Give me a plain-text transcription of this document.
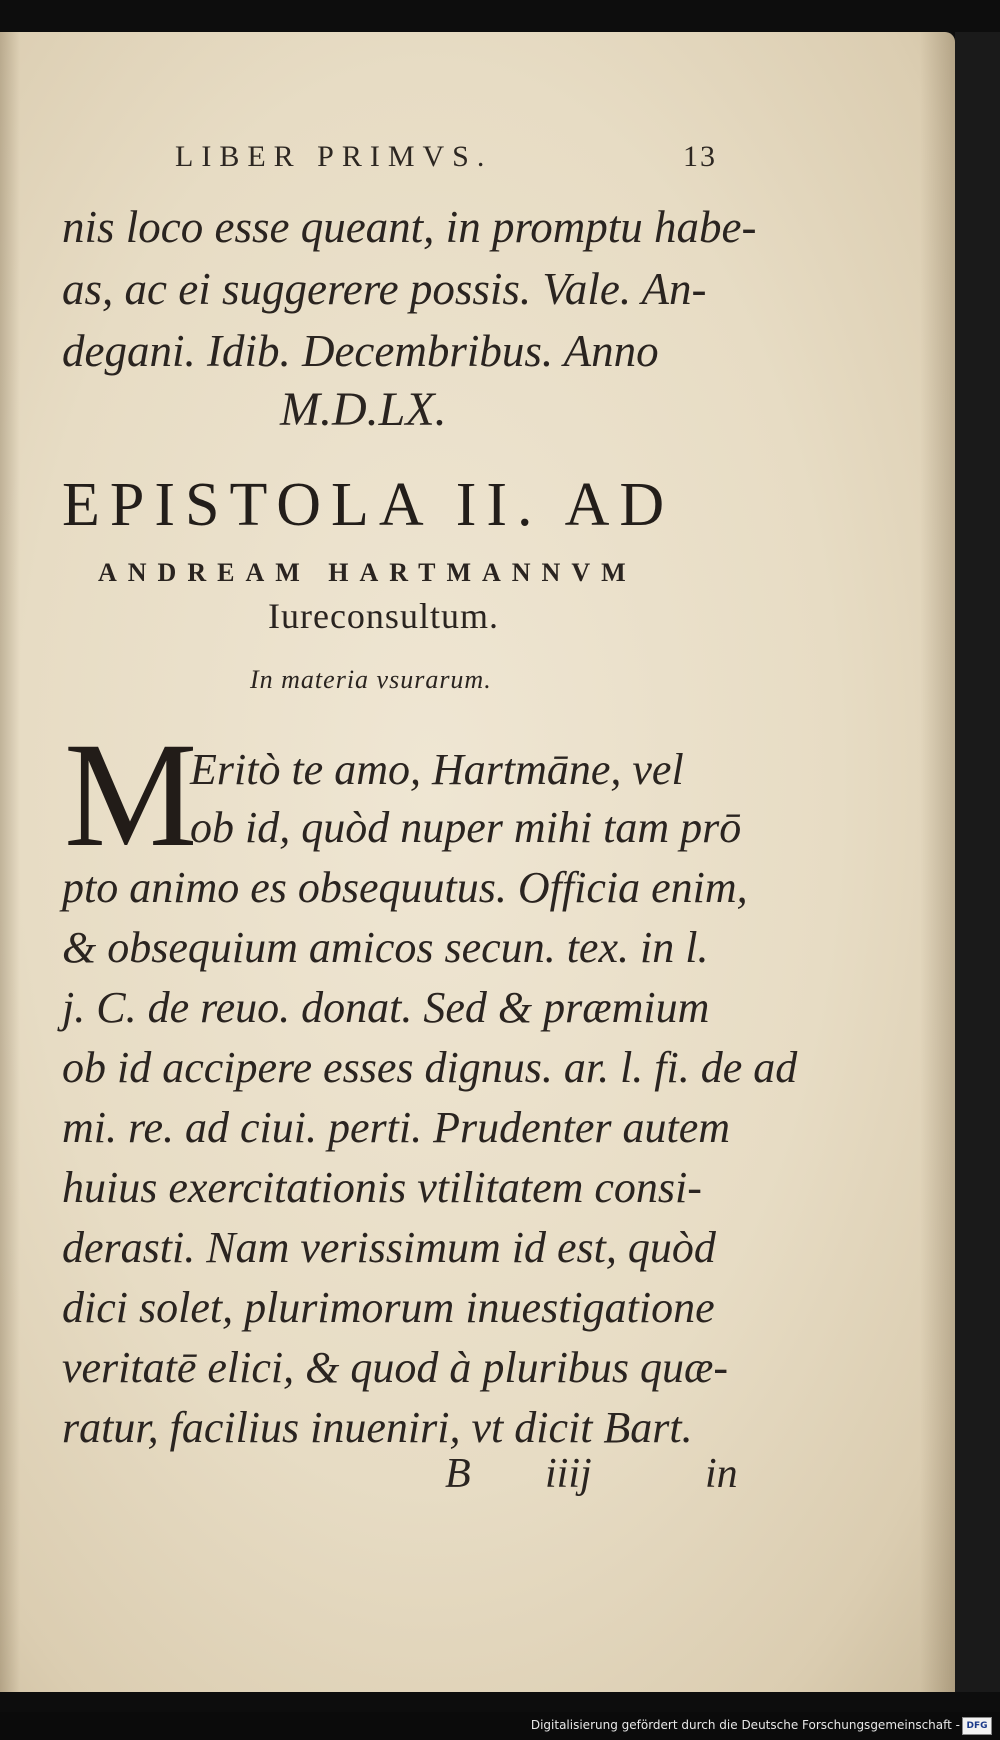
LIBER PRIMVS.	13
nis loco esse queant, in promptu habe-
as, ac ei suggerere possis. Vale. An-
degani. Idib. Decembribus. Anno
M.D.LX.
EPISTOLA II. AD
ANDREAM HARTMANNVM
Iureconsultum.
In materia vsurarum.
M
Eritò te amo, Hartmāne, vel
ob id, quòd nuper mihi tam prō
pto animo es obsequutus. Officia enim,
& obsequium amicos secun. tex. in l.
j. C. de reuo. donat. Sed & præmium
ob id accipere esses dignus. ar. l. fi. de ad
mi. re. ad ciui. perti. Prudenter autem
huius exercitationis vtilitatem consi-
derasti. Nam verissimum id est, quòd
dici solet, plurimorum inuestigatione
veritatē elici, & quod à pluribus quæ-
ratur, facilius inueniri, vt dicit Bart.
B iiij	in
Digitalisierung gefördert durch die Deutsche Forschungsgemeinschaft - DFG
